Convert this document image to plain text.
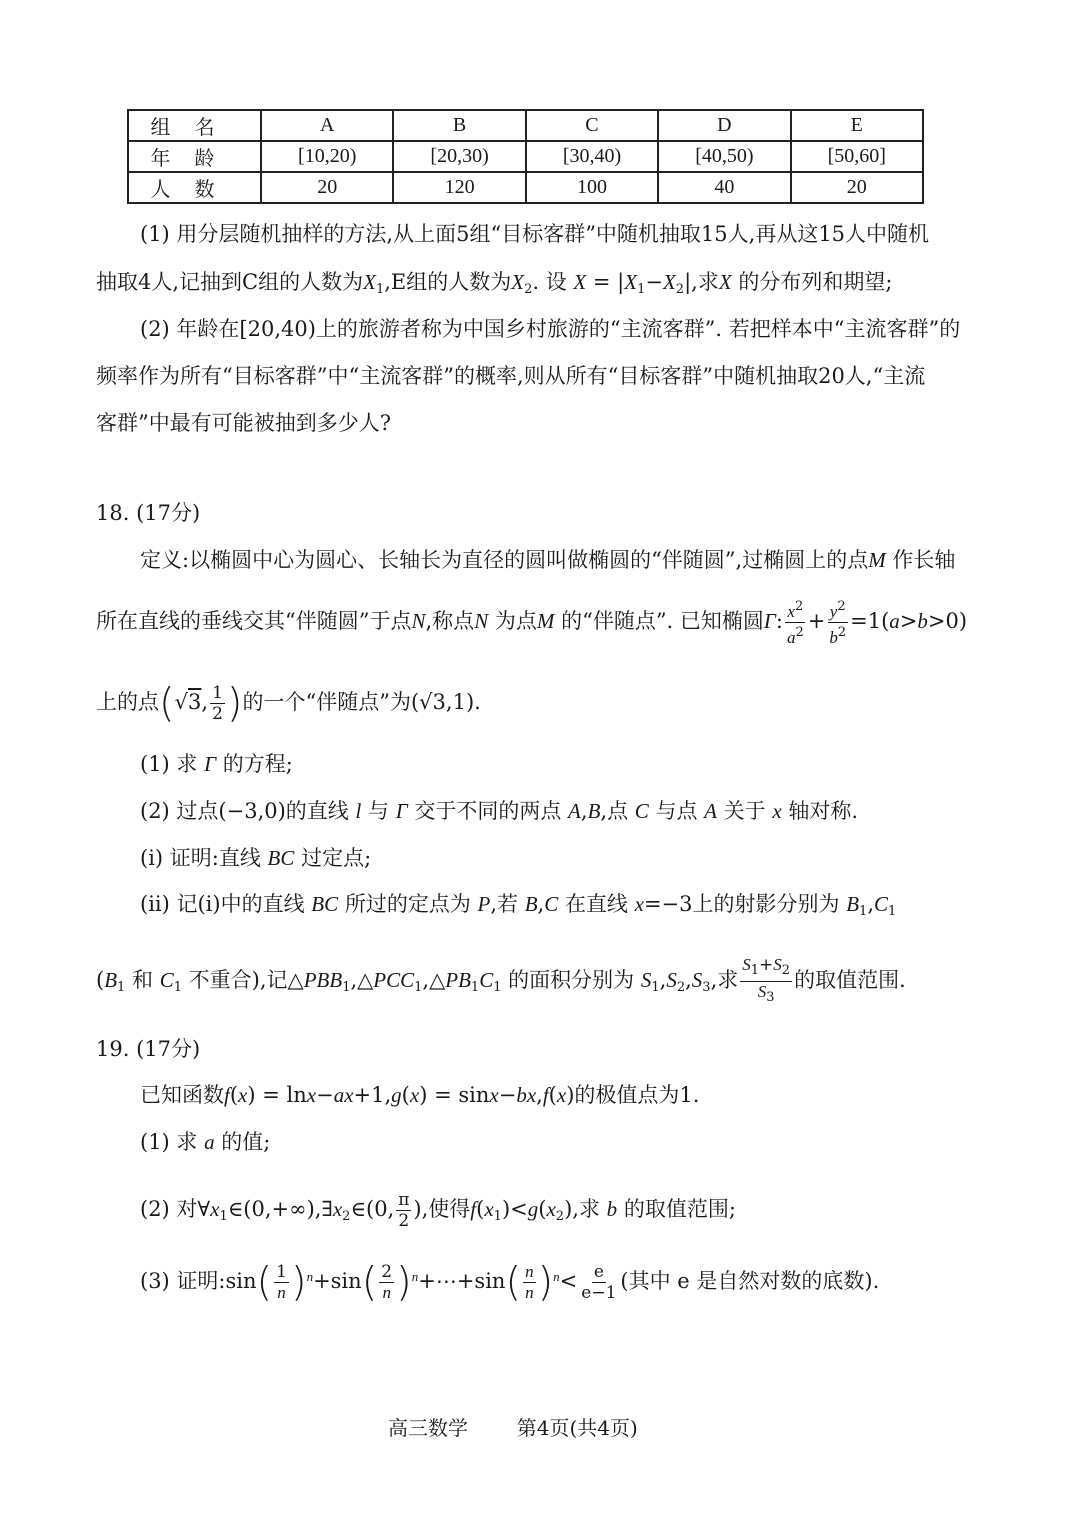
组名	A	B	C	D	E
年龄	[10,20)	[20,30)	[30,40)	[40,50)	[50,60]
人数	20	120	100	40	20
(1) 用分层随机抽样的方法,从上面5组“目标客群”中随机抽取15人,再从这15人中随机
抽取4人,记抽到C组的人数为$X_1,E$组的人数为$X_2$. 设 $X = |X_1-X_2|$,求X 的分布列和期望;
(2) 年龄在[20,40)上的旅游者称为中国乡村旅游的“主流客群”. 若把样本中“主流客群”的
频率作为所有“目标客群”中“主流客群”的概率,则从所有“目标客群”中随机抽取20人,“主流
客群”中最有可能被抽到多少人?
18. (17分)
定义:以椭圆中心为圆心、长轴长为直径的圆叫做椭圆的“伴随圆”,过椭圆上的点M 作长轴
所在直线的垂线交其“伴随圆”于点N,称点N 为点M 的“伴随点”. 已知椭圆Γ: $\frac{x^2}{a^2} + \frac{y^2}{b^2} =1(a>b>0)$
上的点(√3, $\frac{1}{2}$ )的一个“伴随点”为(√3,1).
(1) 求 Γ 的方程;
(2) 过点(−3,0)的直线 l 与 Γ 交于不同的两点 A,B,点 C 与点 A 关于 x 轴对称.
(i) 证明:直线 BC 过定点;
(ii) 记(i)中的直线 BC 所过的定点为 P,若 B,C 在直线 x=−3上的射影分别为 $B_1,C_1$
($B_1$ 和 $C_1$ 不重合),记$\triangle PBB_1,\triangle PCC_1,\triangle PB_1C_1$ 的面积分别为 $S_1,S_2,S_3$,求 $\frac{S_1+S_2}{S_3}$ 的取值范围.
19. (17分)
已知函数f(x) = lnx−ax+1,g(x) = sinx−bx,f(x)的极值点为1.
(1) 求 a 的值;
(2) 对$\forall x_1\in(0,+\infty),\exists x_2\in(0$, $\frac{\pi}{2}$ ),使得$f(x_1)<g(x_2)$,求 b 的取值范围;
(3) 证明:sin( $\frac{1}{n} )^n+\sin( \frac{2}{n}$ )$^n+\cdots+\sin( \frac{n}{n} )^n< \frac{e}{e-1}$ (其中 e 是自然对数的底数).
高三数学 第4页(共4页)
